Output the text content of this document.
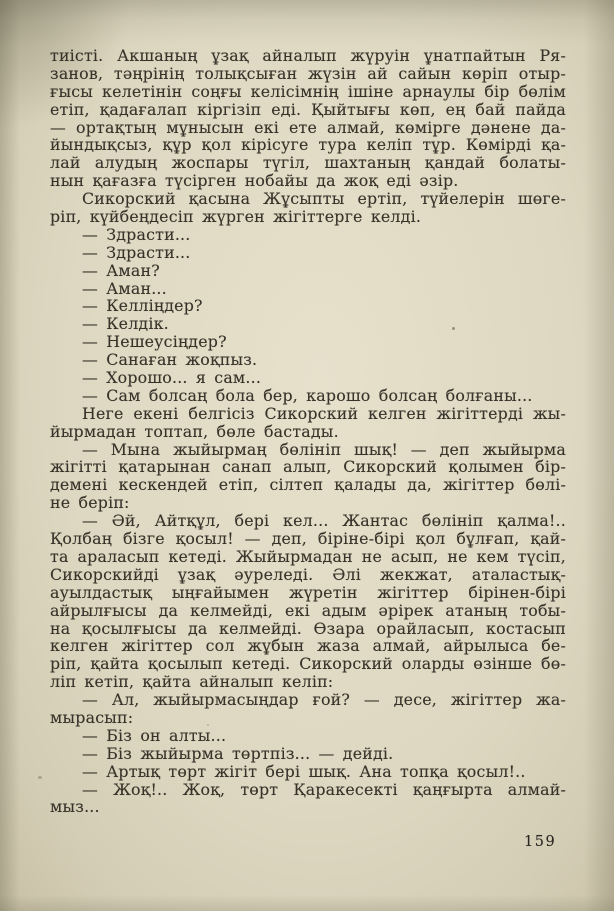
тиісті. Акшаның ұзақ айналып жүруін ұнатпайтын Ря-
занов, тәңрінің толықсыған жүзін ай сайын көріп отыр-
ғысы келетінін соңғы келісімнің ішіне арнаулы бір бөлім
етіп, қадағалап кіргізіп еді. Қыйтығы көп, ең бай пайда
— ортақтың мұнысын екі ете алмай, көмірге дәнене да-
йындықсыз, құр қол кірісуге тура келіп тұр. Көмірді қа-
лай алудың жоспары түгіл, шахтаның қандай болаты-
нын қағазға түсірген нобайы да жоқ еді әзір.
Сикорский қасына Жұсыпты ертіп, түйелерін шөге-
ріп, күйбеңдесіп жүрген жігіттерге келді.
— Здрасти...
— Здрасти...
— Аман?
— Аман...
— Келліңдер?
— Келдік.
— Нешеусіңдер?
— Санаған жоқпыз.
— Хорошо... я сам...
— Сам болсаң бола бер, карошо болсаң болғаны...
Неге екені белгісіз Сикорский келген жігіттерді жы-
йырмадан топтап, бөле бастады.
— Мына жыйырмаң бөлініп шық! — деп жыйырма
жігітті қатарынан санап алып, Сикорский қолымен бір-
демені кескендей етіп, сілтеп қалады да, жігіттер бөлі-
не беріп:
— Әй, Айтқұл, бері кел... Жантас бөлініп қалма!..
Қолбаң бізге қосыл! — деп, біріне-бірі қол бұлғап, қай-
та араласып кетеді. Жыйырмадан не асып, не кем түсіп,
Сикорскийді ұзақ әуреледі. Әлі жекжат, аталастық-
ауылдастық ыңғайымен жүретін жігіттер бірінен-бірі
айрылғысы да келмейді, екі адым әрірек атаның тобы-
на қосылғысы да келмейді. Өзара орайласып, костасып
келген жігіттер сол жұбын жаза алмай, айрылыса бе-
ріп, қайта қосылып кетеді. Сикорский оларды өзінше бө-
ліп кетіп, қайта айналып келіп:
— Ал, жыйырмасыңдар ғой? — десе, жігіттер жа-
мырасып:
— Біз он алты...
— Біз жыйырма төртпіз... — дейді.
— Артық төрт жігіт бері шық. Ана топқа қосыл!..
— Жоқ!.. Жоқ, төрт Қаракесекті қаңғырта алмай-
мыз...
159
